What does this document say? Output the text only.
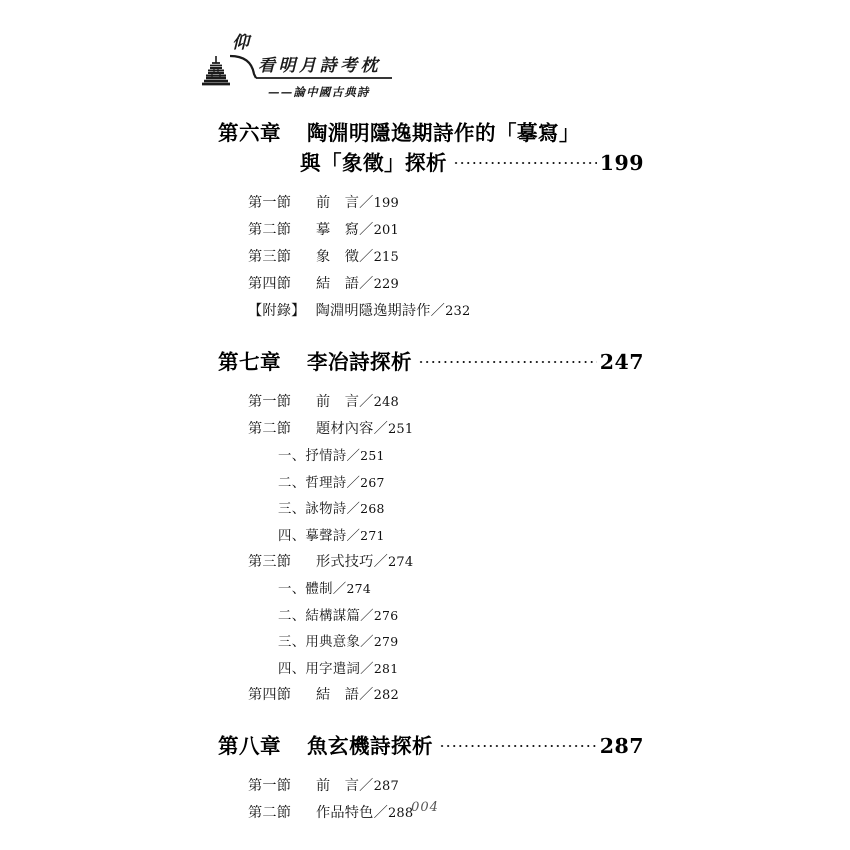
仰
看明月詩考枕
——論中國古典詩
第六章 陶淵明隱逸期詩作的「摹寫」
與「象徵」探析	199
第一節 前　言／199
第二節 摹　寫／201
第三節 象　徵／215
第四節 結　語／229
【附錄】 陶淵明隱逸期詩作／232
第七章 李冶詩探析	247
第一節 前　言／248
第二節 題材內容／251
一、抒情詩／251
二、哲理詩／267
三、詠物詩／268
四、摹聲詩／271
第三節 形式技巧／274
一、體制／274
二、結構謀篇／276
三、用典意象／279
四、用字遣詞／281
第四節 結　語／282
第八章 魚玄機詩探析	287
第一節 前　言／287
第二節 作品特色／288
004
